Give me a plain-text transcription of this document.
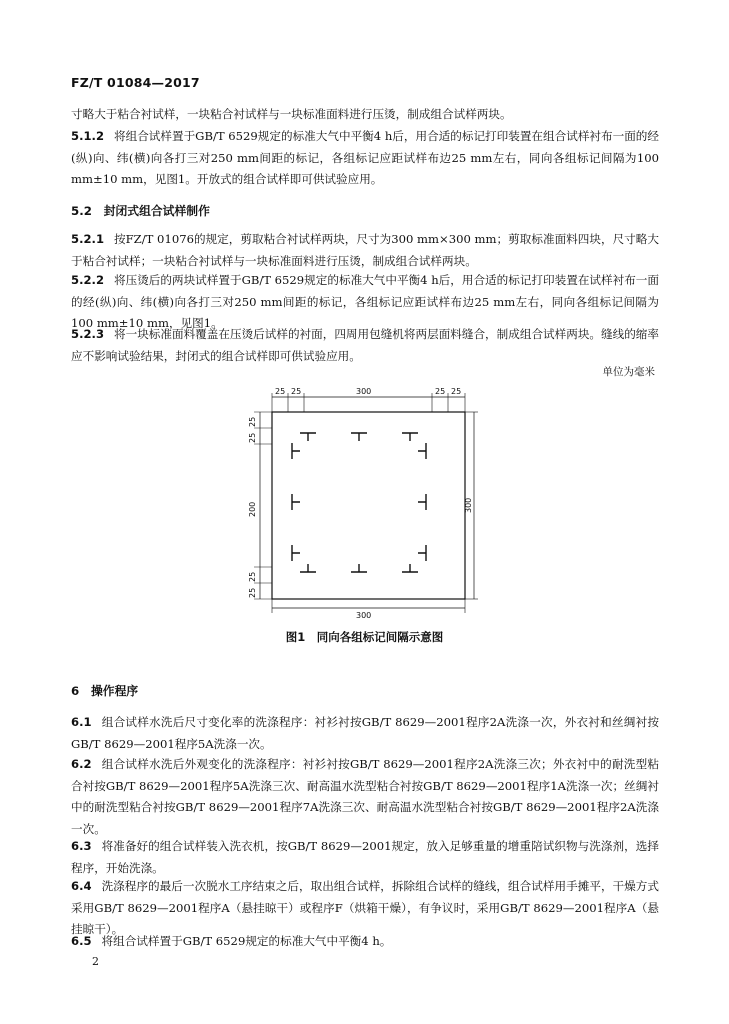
FZ/T 01084—2017
寸略大于粘合衬试样，一块粘合衬试样与一块标准面料进行压烫，制成组合试样两块。
5.1.2 将组合试样置于GB/T 6529规定的标准大气中平衡4 h后，用合适的标记打印装置在组合试样衬布一面的经(纵)向、纬(横)向各打三对250 mm间距的标记，各组标记应距试样布边25 mm左右，同向各组标记间隔为100 mm±10 mm，见图1。开放式的组合试样即可供试验应用。
5.2　封闭式组合试样制作
5.2.1 按FZ/T 01076的规定，剪取粘合衬试样两块，尺寸为300 mm×300 mm；剪取标准面料四块，尺寸略大于粘合衬试样；一块粘合衬试样与一块标准面料进行压烫，制成组合试样两块。
5.2.2 将压烫后的两块试样置于GB/T 6529规定的标准大气中平衡4 h后，用合适的标记打印装置在试样衬布一面的经(纵)向、纬(横)向各打三对250 mm间距的标记，各组标记应距试样布边25 mm左右，同向各组标记间隔为100 mm±10 mm，见图1。
5.2.3 将一块标准面料覆盖在压烫后试样的衬面，四周用包缝机将两层面料缝合，制成组合试样两块。缝线的缩率应不影响试验结果，封闭式的组合试样即可供试验应用。
单位为毫米
25 25	300	25 25
25
25
200
25
25
300
300
图1　同向各组标记间隔示意图
6　操作程序
6.1 组合试样水洗后尺寸变化率的洗涤程序：衬衫衬按GB/T 8629—2001程序2A洗涤一次，外衣衬和丝绸衬按GB/T 8629—2001程序5A洗涤一次。
6.2 组合试样水洗后外观变化的洗涤程序：衬衫衬按GB/T 8629—2001程序2A洗涤三次；外衣衬中的耐洗型粘合衬按GB/T 8629—2001程序5A洗涤三次、耐高温水洗型粘合衬按GB/T 8629—2001程序1A洗涤一次；丝绸衬中的耐洗型粘合衬按GB/T 8629—2001程序7A洗涤三次、耐高温水洗型粘合衬按GB/T 8629—2001程序2A洗涤一次。
6.3 将准备好的组合试样装入洗衣机，按GB/T 8629—2001规定，放入足够重量的增重陪试织物与洗涤剂，选择程序，开始洗涤。
6.4 洗涤程序的最后一次脱水工序结束之后，取出组合试样，拆除组合试样的缝线，组合试样用手摊平，干燥方式采用GB/T 8629—2001程序A（悬挂晾干）或程序F（烘箱干燥），有争议时，采用GB/T 8629—2001程序A（悬挂晾干）。
6.5 将组合试样置于GB/T 6529规定的标准大气中平衡4 h。
2
